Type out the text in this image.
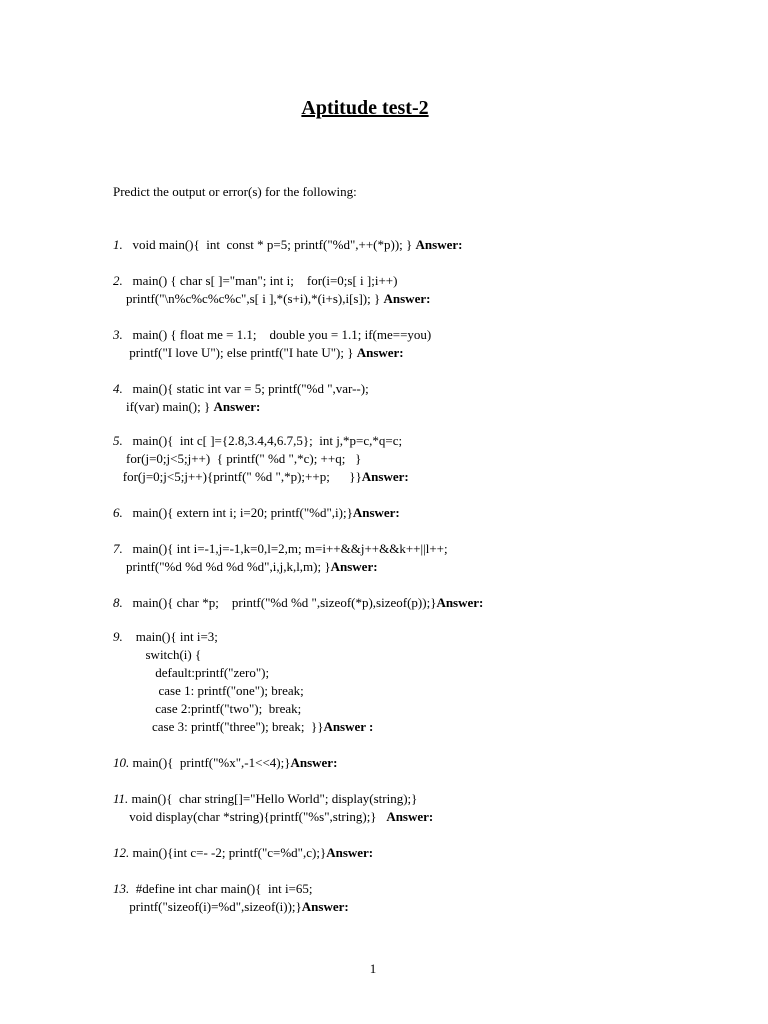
Aptitude test-2
Predict the output or error(s) for the following:
1.   void main(){  int  const * p=5; printf("%d",++(*p)); } Answer:
2.   main() { char s[ ]="man"; int i;    for(i=0;s[ i ];i++)
printf("\n%c%c%c%c",s[ i ],*(s+i),*(i+s),i[s]); } Answer:
3.   main() { float me = 1.1;    double you = 1.1; if(me==you)
printf("I love U"); else printf("I hate U"); } Answer:
4.   main(){ static int var = 5; printf("%d ",var--);
if(var) main(); } Answer:
5.   main(){  int c[ ]={2.8,3.4,4,6.7,5};  int j,*p=c,*q=c;
for(j=0;j<5;j++)  { printf(" %d ",*c); ++q;   }
for(j=0;j<5;j++){printf(" %d ",*p);++p;      }}Answer:
6.   main(){ extern int i; i=20; printf("%d",i);}Answer:
7.   main(){ int i=-1,j=-1,k=0,l=2,m; m=i++&&j++&&k++||l++;
printf("%d %d %d %d %d",i,j,k,l,m); }Answer:
8.   main(){ char *p;    printf("%d %d ",sizeof(*p),sizeof(p));}Answer:
9.    main(){ int i=3;
switch(i) {
default:printf("zero");
case 1: printf("one"); break;
case 2:printf("two");  break;
case 3: printf("three"); break;  }}Answer :
10. main(){  printf("%x",-1<<4);}Answer:
11. main(){  char string[]="Hello World"; display(string);}
void display(char *string){printf("%s",string);}   Answer:
12. main(){int c=- -2; printf("c=%d",c);}Answer:
13.  #define int char main(){  int i=65;
printf("sizeof(i)=%d",sizeof(i));}Answer:
1
